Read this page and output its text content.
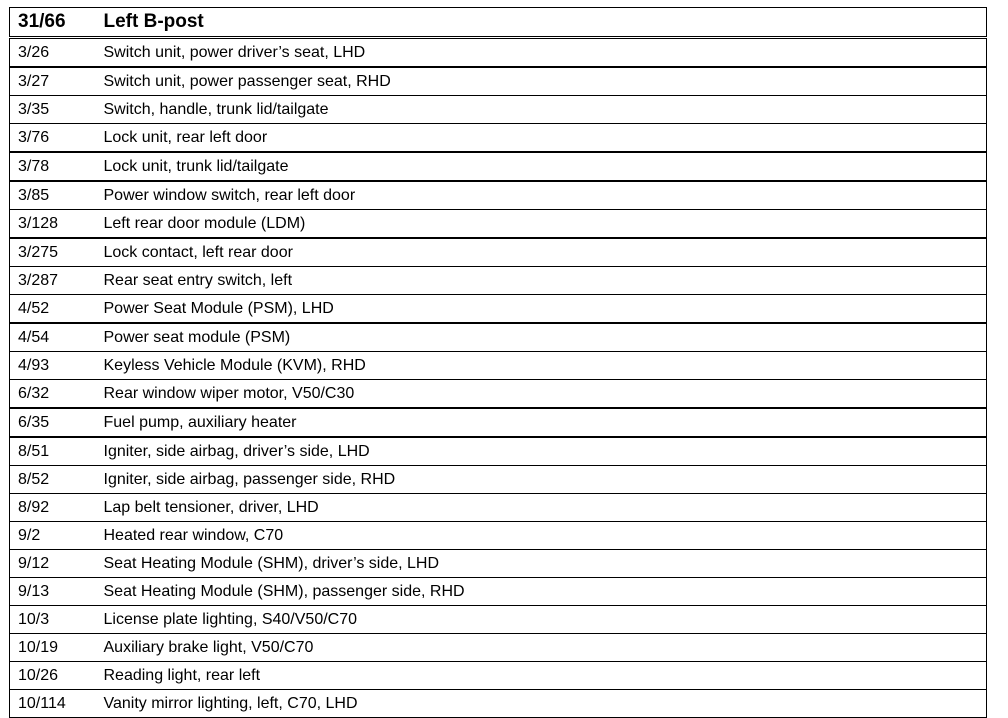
31/66	Left B-post
3/26	Switch unit, power driver’s seat, LHD
3/27	Switch unit, power passenger seat, RHD
3/35	Switch, handle, trunk lid/tailgate
3/76	Lock unit, rear left door
3/78	Lock unit, trunk lid/tailgate
3/85	Power window switch, rear left door
3/128	Left rear door module (LDM)
3/275	Lock contact, left rear door
3/287	Rear seat entry switch, left
4/52	Power Seat Module (PSM), LHD
4/54	Power seat module (PSM)
4/93	Keyless Vehicle Module (KVM), RHD
6/32	Rear window wiper motor, V50/C30
6/35	Fuel pump, auxiliary heater
8/51	Igniter, side airbag, driver’s side, LHD
8/52	Igniter, side airbag, passenger side, RHD
8/92	Lap belt tensioner, driver, LHD
9/2	Heated rear window, C70
9/12	Seat Heating Module (SHM), driver’s side, LHD
9/13	Seat Heating Module (SHM), passenger side, RHD
10/3	License plate lighting, S40/V50/C70
10/19	Auxiliary brake light, V50/C70
10/26	Reading light, rear left
10/114	Vanity mirror lighting, left, C70, LHD
